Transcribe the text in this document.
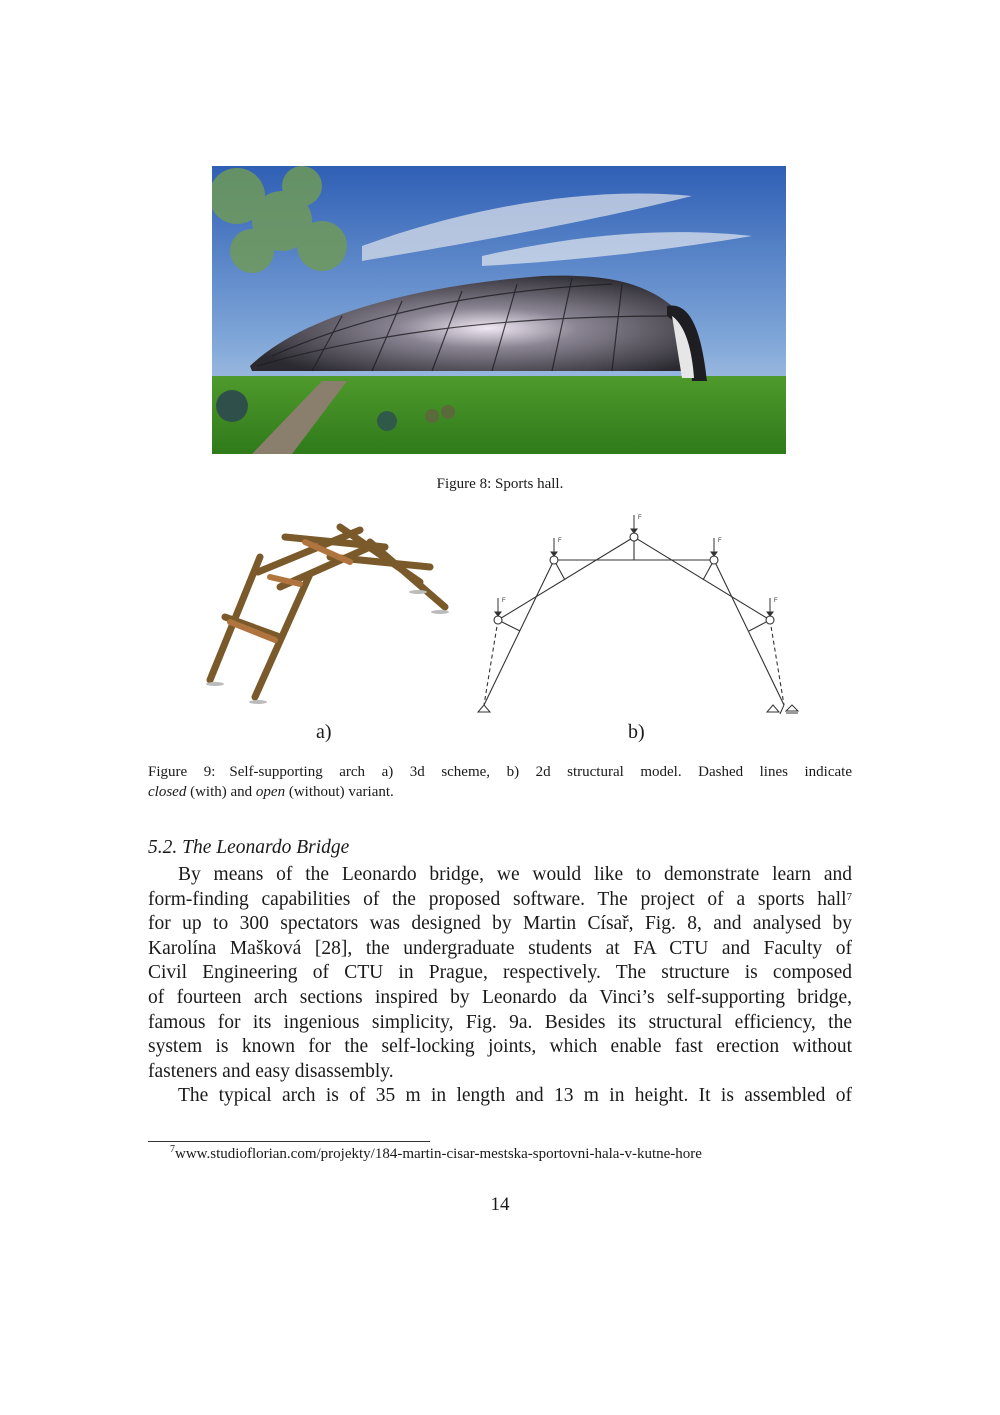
Figure 8: Sports hall.
a)
F
F	F
F	F
b)
Figure 9: Self-supporting arch a) 3d scheme, b) 2d structural model. Dashed lines indicate
closed (with) and open (without) variant.
5.2. The Leonardo Bridge
By means of the Leonardo bridge, we would like to demonstrate learn and
form-finding capabilities of the proposed software. The project of a sports hall$^7$
for up to 300 spectators was designed by Martin Císař, Fig. 8, and analysed by
Karolína Mašková [28], the undergraduate students at FA CTU and Faculty of
Civil Engineering of CTU in Prague, respectively. The structure is composed
of fourteen arch sections inspired by Leonardo da Vinci’s self-supporting bridge,
famous for its ingenious simplicity, Fig. 9a. Besides its structural efficiency, the
system is known for the self-locking joints, which enable fast erection without
fasteners and easy disassembly.
The typical arch is of 35 m in length and 13 m in height. It is assembled of
$^7$www.studioflorian.com/projekty/184-martin-cisar-mestska-sportovni-hala-v-kutne-hore
14
